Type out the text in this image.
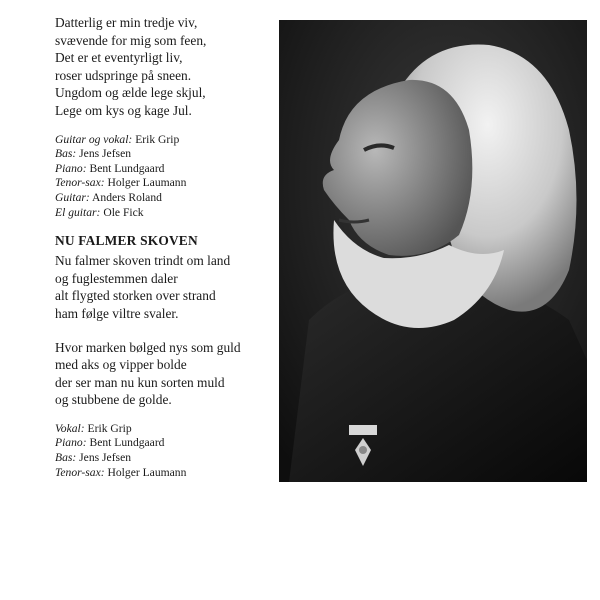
Datterlig er min tredje viv,
svævende for mig som feen,
Det er et eventyrligt liv,
roser udspringe på sneen.
Ungdom og ælde lege skjul,
Lege om kys og kage Jul.

Guitar og vokal: Erik Grip
Bas: Jens Jefsen
Piano: Bent Lundgaard
Tenor-sax: Holger Laumann
Guitar: Anders Roland
El guitar: Ole Fick

NU FALMER SKOVEN

Nu falmer skoven trindt om land
og fuglestemmen daler
alt flygted storken over strand
ham følge viltre svaler.

Hvor marken bølged nys som guld
med aks og vipper bolde
der ser man nu kun sorten muld
og stubbene de golde.

Vokal: Erik Grip
Piano: Bent Lundgaard
Bas: Jens Jefsen
Tenor-sax: Holger Laumann
